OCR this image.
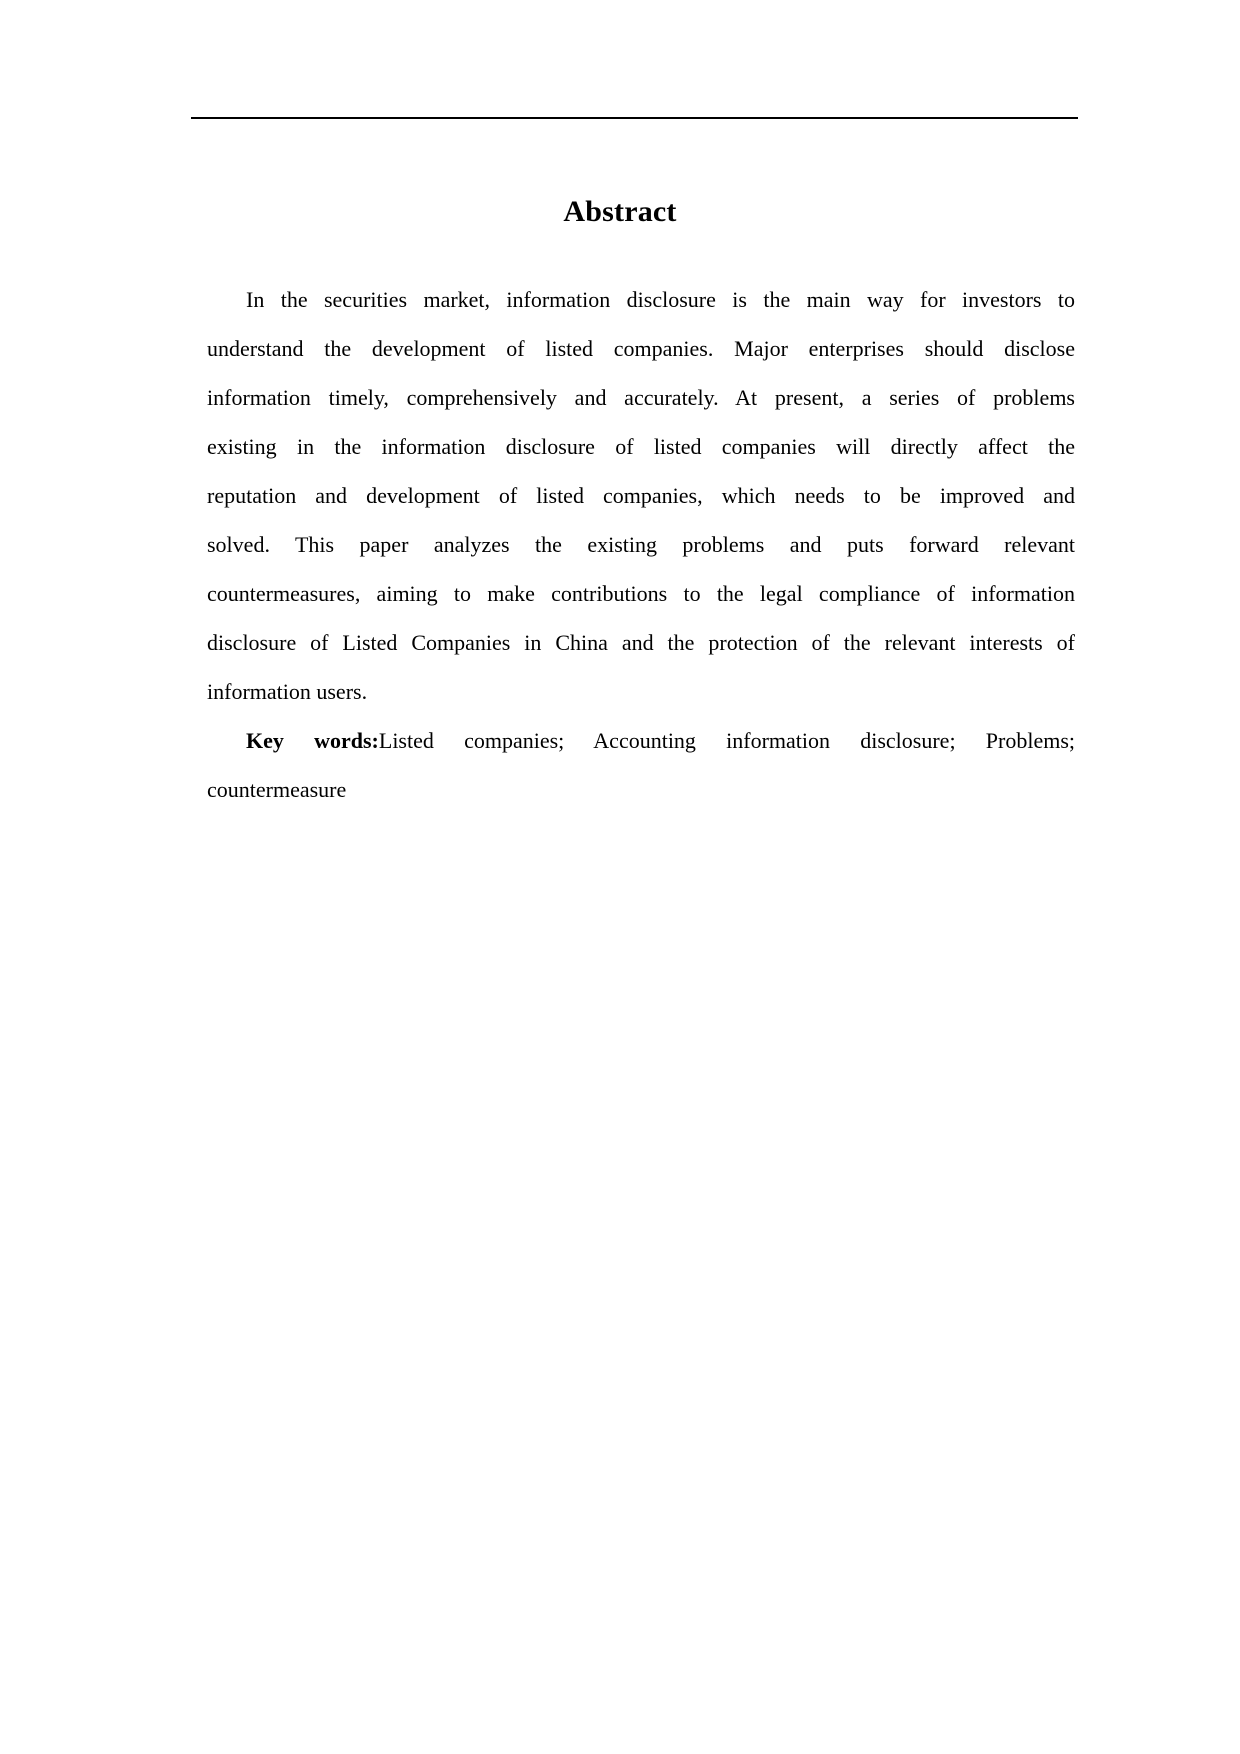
Abstract
In the securities market, information disclosure is the main way for investors to
understand the development of listed companies. Major enterprises should disclose
information timely, comprehensively and accurately. At present, a series of problems
existing in the information disclosure of listed companies will directly affect the
reputation and development of listed companies, which needs to be improved and
solved. This paper analyzes the existing problems and puts forward relevant
countermeasures, aiming to make contributions to the legal compliance of information
disclosure of Listed Companies in China and the protection of the relevant interests of
information users.
Key words:Listed companies; Accounting information disclosure; Problems;
countermeasure
